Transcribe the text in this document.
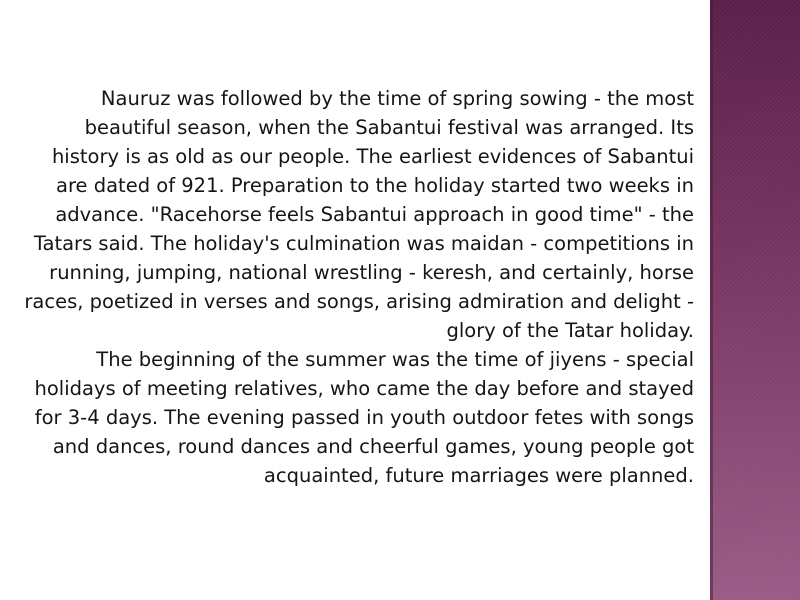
Nauruz was followed by the time of spring sowing - the most beautiful season, when the Sabantui festival was arranged. Its history is as old as our people. The earliest evidences of Sabantui are dated of 921. Preparation to the holiday started two weeks in advance. "Racehorse feels Sabantui approach in good time" - the Tatars said. The holiday's culmination was maidan - competitions in running, jumping, national wrestling - keresh, and certainly, horse races, poetized in verses and songs, arising admiration and delight - glory of the Tatar holiday.

The beginning of the summer was the time of jiyens - special holidays of meeting relatives, who came the day before and stayed for 3-4 days. The evening passed in youth outdoor fetes with songs and dances, round dances and cheerful games, young people got acquainted, future marriages were planned.
